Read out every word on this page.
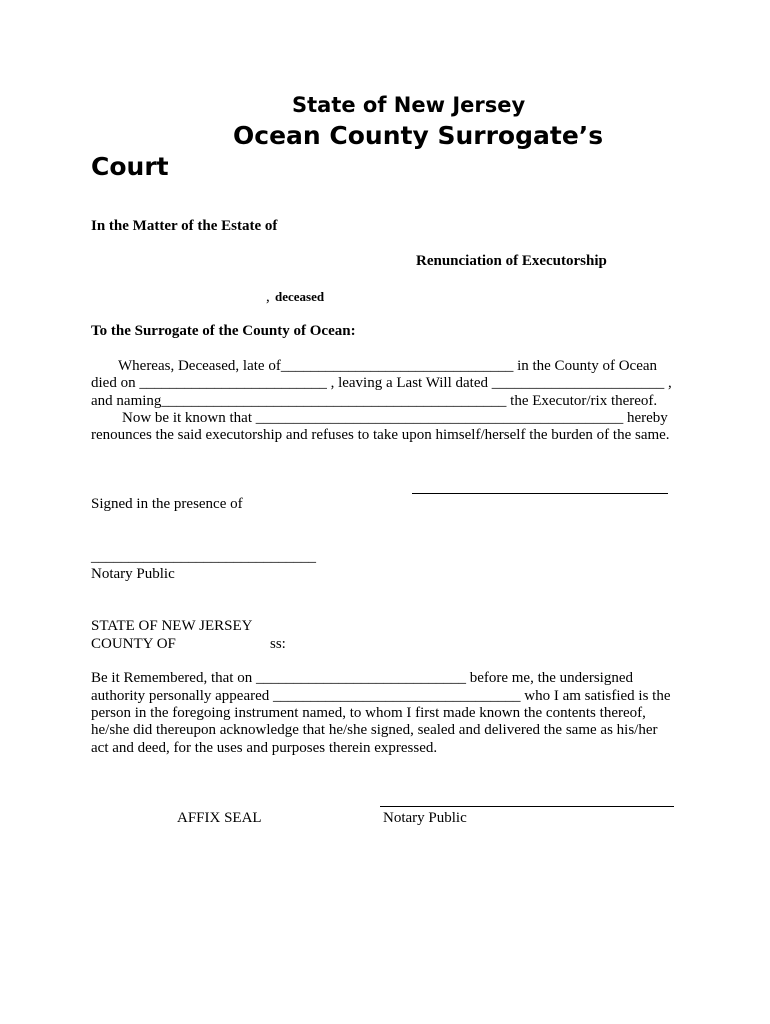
State of New Jersey
Ocean County Surrogate’s
Court
In the Matter of the Estate of
Renunciation of Executorship
, deceased
To the Surrogate of the County of Ocean:
Whereas, Deceased, late of_______________________________ in the County of Ocean
died on _________________________ , leaving a Last Will dated _______________________ ,
and naming______________________________________________ the Executor/rix thereof.
Now be it known that _________________________________________________ hereby
renounces the said executorship and refuses to take upon himself/herself the burden of the same.
Signed in the presence of
______________________________
Notary Public
STATE OF NEW JERSEY
COUNTY OF	ss:
Be it Remembered, that on ____________________________ before me, the undersigned
authority personally appeared _________________________________ who I am satisfied is the
person in the foregoing instrument named, to whom I first made known the contents thereof,
he/she did thereupon acknowledge that he/she signed, sealed and delivered the same as his/her
act and deed, for the uses and purposes therein expressed.
AFFIX SEAL	Notary Public
